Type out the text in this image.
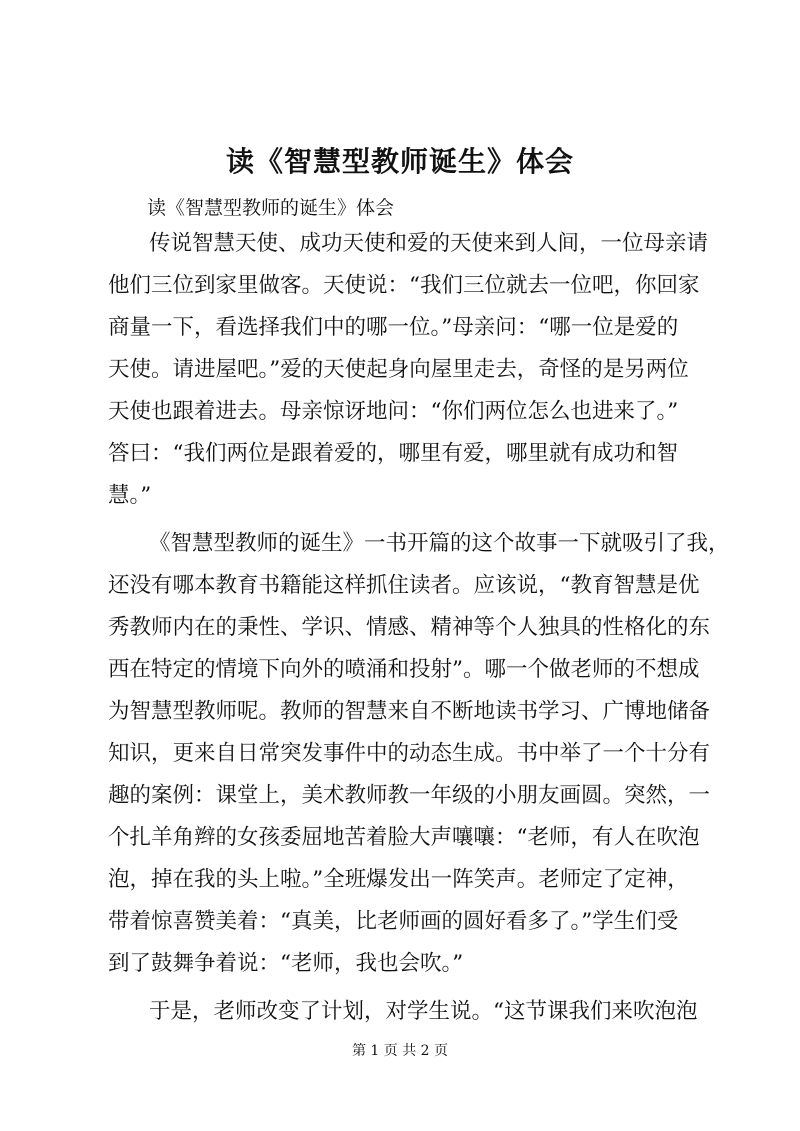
读《智慧型教师诞生》体会

读《智慧型教师的诞生》体会

传说智慧天使、成功天使和爱的天使来到人间，一位母亲请

他们三位到家里做客。天使说：“我们三位就去一位吧，你回家

商量一下，看选择我们中的哪一位。”母亲问：“哪一位是爱的

天使。请进屋吧。”爱的天使起身向屋里走去，奇怪的是另两位

天使也跟着进去。母亲惊讶地问：“你们两位怎么也进来了。”

答曰：“我们两位是跟着爱的，哪里有爱，哪里就有成功和智

慧。”

《智慧型教师的诞生》一书开篇的这个故事一下就吸引了我，

还没有哪本教育书籍能这样抓住读者。应该说，“教育智慧是优

秀教师内在的秉性、学识、情感、精神等个人独具的性格化的东

西在特定的情境下向外的喷涌和投射”。哪一个做老师的不想成

为智慧型教师呢。教师的智慧来自不断地读书学习、广博地储备

知识，更来自日常突发事件中的动态生成。书中举了一个十分有

趣的案例：课堂上，美术教师教一年级的小朋友画圆。突然，一

个扎羊角辫的女孩委屈地苦着脸大声嚷嚷：“老师，有人在吹泡

泡，掉在我的头上啦。”全班爆发出一阵笑声。老师定了定神，

带着惊喜赞美着：“真美，比老师画的圆好看多了。”学生们受

到了鼓舞争着说：“老师，我也会吹。”

于是，老师改变了计划，对学生说。“这节课我们来吹泡泡

第 1 页 共 2 页
